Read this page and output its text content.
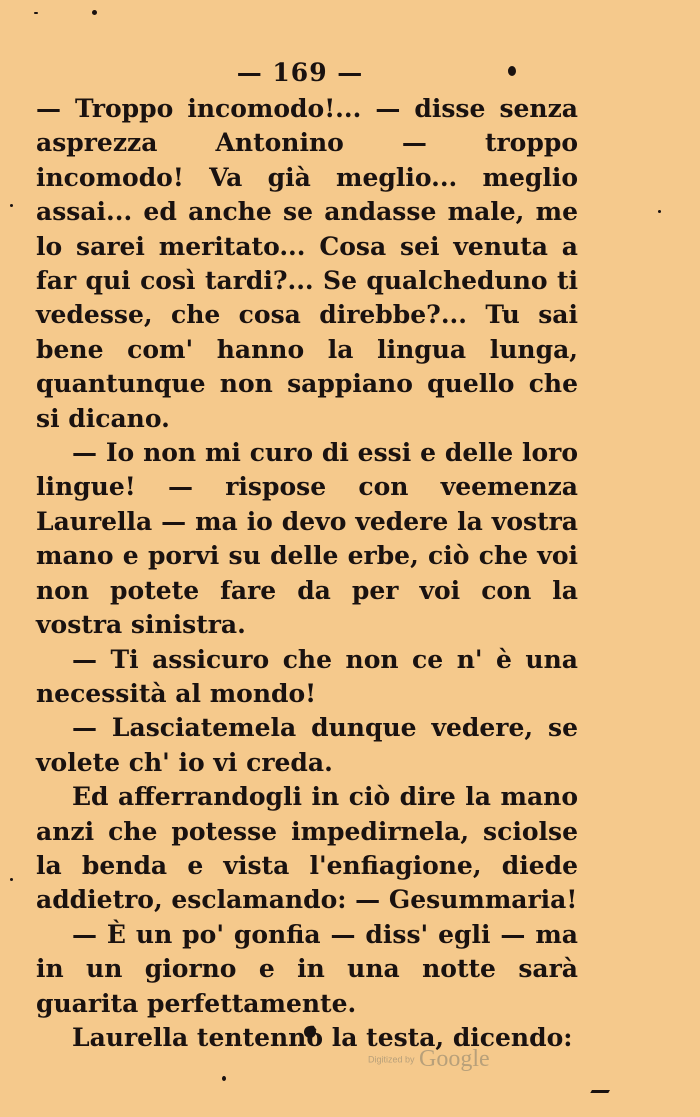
— 169 —

— Troppo incomodo!... — disse senza asprezza Antonino — troppo incomodo! Va già meglio... meglio assai... ed anche se andasse male, me lo sarei meritato... Cosa sei venuta a far qui così tardi?... Se qualcheduno ti vedesse, che cosa direbbe?... Tu sai bene com' hanno la lingua lunga, quantunque non sappiano quello che si dicano.

— Io non mi curo di essi e delle loro lingue! — rispose con veemenza Laurella — ma io devo vedere la vostra mano e porvi su delle erbe, ciò che voi non potete fare da per voi con la vostra sinistra.

— Ti assicuro che non ce n' è una necessità al mondo!

— Lasciatemela dunque vedere, se volete ch' io vi creda.

Ed afferrandogli in ciò dire la mano anzi che potesse impedirnela, sciolse la benda e vista l'enfiagione, diede addietro, esclamando: — Gesummaria!

— È un po' gonfia — diss' egli — ma in un giorno e in una notte sarà guarita perfettamente.

Laurella tentennò la testa, dicendo:

Digitized by Google
